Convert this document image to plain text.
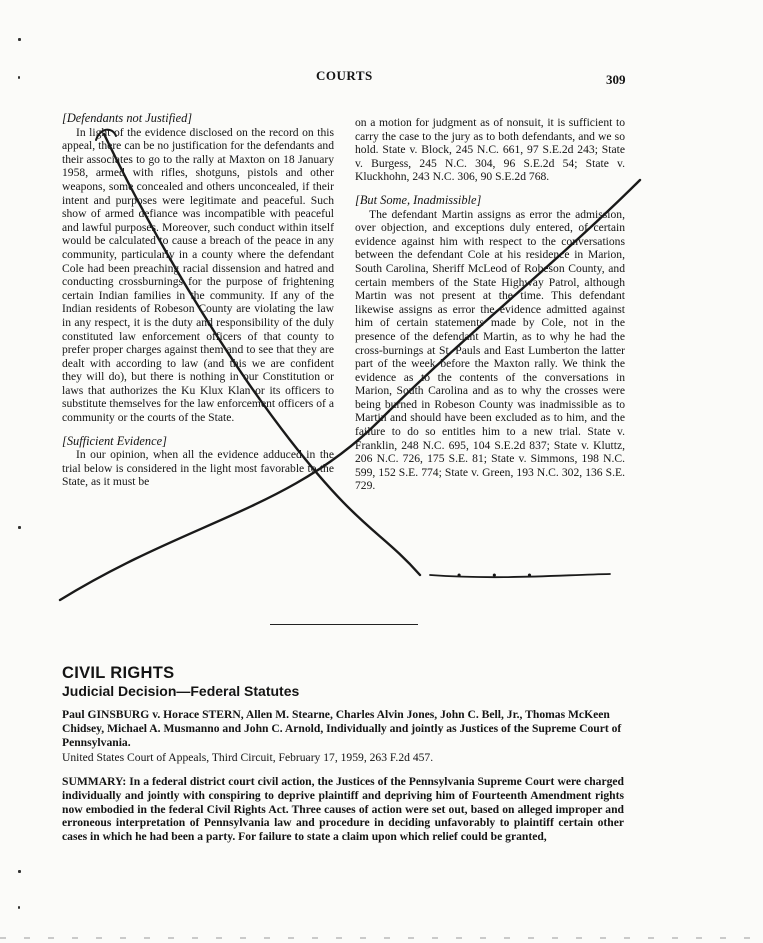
COURTS	309

[Defendants not Justified]

In light of the evidence disclosed on the record on this appeal, there can be no justification for the defendants and their associates to go to the rally at Maxton on 18 January 1958, armed with rifles, shotguns, pistols and other weapons, some concealed and others unconcealed, if their intent and purposes were legitimate and peaceful. Such show of armed defiance was incompatible with peaceful and lawful purposes. Moreover, such conduct within itself would be calculated to cause a breach of the peace in any community, particularly in a county where the defendant Cole had been preaching racial dissension and hatred and conducting crossburnings for the purpose of frightening certain Indian families in the community. If any of the Indian residents of Robeson County are violating the law in any respect, it is the duty and responsibility of the duly constituted law enforcement officers of that county to prefer proper charges against them and to see that they are dealt with according to law (and this we are confident they will do), but there is nothing in our Constitution or laws that authorizes the Ku Klux Klan or its officers to substitute themselves for the law enforcement officers of a community or the courts of the State.

[Sufficient Evidence]

In our opinion, when all the evidence adduced in the trial below is considered in the light most favorable to the State, as it must be

on a motion for judgment as of nonsuit, it is sufficient to carry the case to the jury as to both defendants, and we so hold. State v. Block, 245 N.C. 661, 97 S.E.2d 243; State v. Burgess, 245 N.C. 304, 96 S.E.2d 54; State v. Kluckhohn, 243 N.C. 306, 90 S.E.2d 768.

[But Some, Inadmissible]

The defendant Martin assigns as error the admission, over objection, and exceptions duly entered, of certain evidence against him with respect to the conversations between the defendant Cole at his residence in Marion, South Carolina, Sheriff McLeod of Robeson County, and certain members of the State Highway Patrol, although Martin was not present at the time. This defendant likewise assigns as error the evidence admitted against him of certain statements made by Cole, not in the presence of the defendant Martin, as to why he had the cross-burnings at St. Pauls and East Lumberton the latter part of the week before the Maxton rally. We think the evidence as to the contents of the conversations in Marion, South Carolina and as to why the crosses were being burned in Robeson County was inadmissible as to Martin and should have been excluded as to him, and the failure to do so entitles him to a new trial. State v. Franklin, 248 N.C. 695, 104 S.E.2d 837; State v. Kluttz, 206 N.C. 726, 175 S.E. 81; State v. Simmons, 198 N.C. 599, 152 S.E. 774; State v. Green, 193 N.C. 302, 136 S.E. 729.

• • •
CIVIL RIGHTS
Judicial Decision—Federal Statutes
Paul GINSBURG v. Horace STERN, Allen M. Stearne, Charles Alvin Jones, John C. Bell, Jr., Thomas McKeen Chidsey, Michael A. Musmanno and John C. Arnold, Individually and jointly as Justices of the Supreme Court of Pennsylvania.
United States Court of Appeals, Third Circuit, February 17, 1959, 263 F.2d 457.
SUMMARY: In a federal district court civil action, the Justices of the Pennsylvania Supreme Court were charged individually and jointly with conspiring to deprive plaintiff and depriving him of Fourteenth Amendment rights now embodied in the federal Civil Rights Act. Three causes of action were set out, based on alleged improper and erroneous interpretation of Pennsylvania law and procedure in deciding unfavorably to plaintiff certain other cases in which he had been a party. For failure to state a claim upon which relief could be granted,
